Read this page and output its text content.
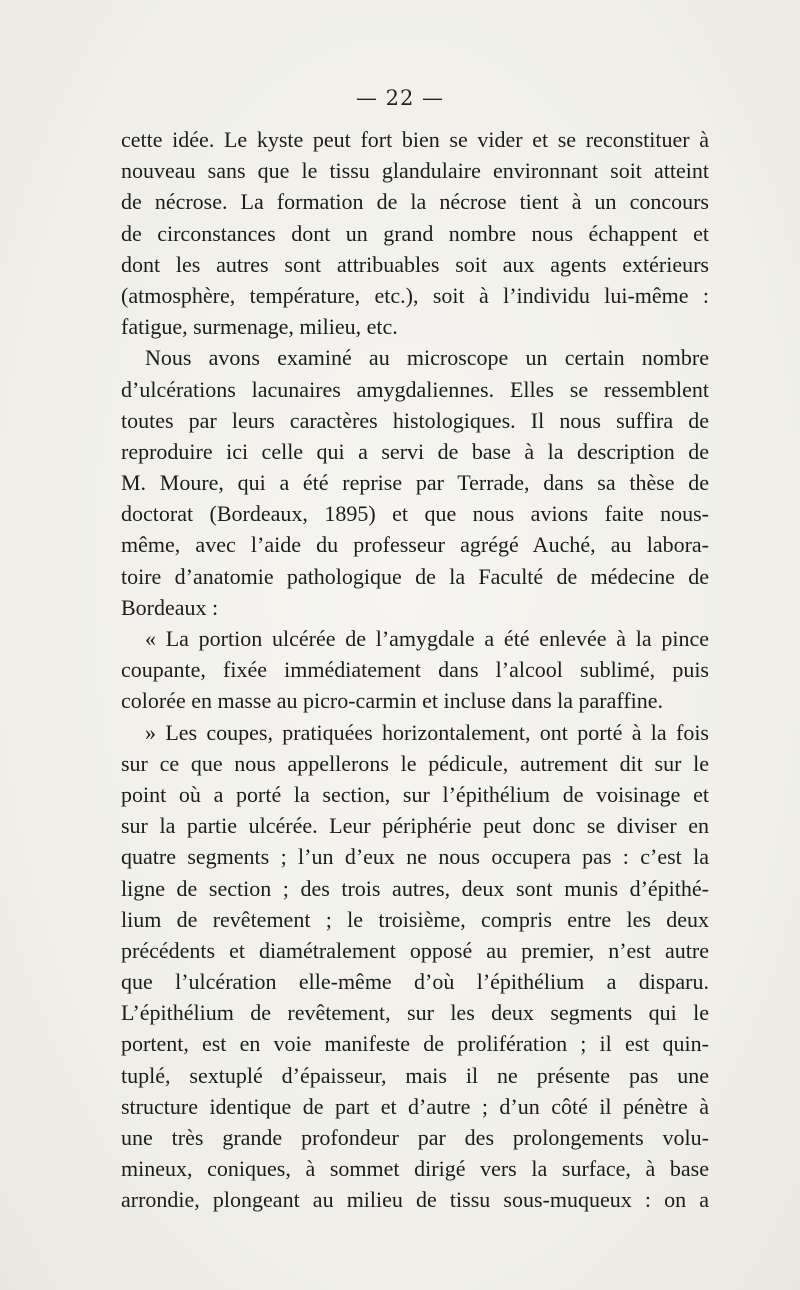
— 22 —
cette idée. Le kyste peut fort bien se vider et se reconstituer à
nouveau sans que le tissu glandulaire environnant soit atteint
de nécrose. La formation de la nécrose tient à un concours
de circonstances dont un grand nombre nous échappent et
dont les autres sont attribuables soit aux agents extérieurs
(atmosphère, température, etc.), soit à l’individu lui-même :
fatigue, surmenage, milieu, etc.
Nous avons examiné au microscope un certain nombre
d’ulcérations lacunaires amygdaliennes. Elles se ressemblent
toutes par leurs caractères histologiques. Il nous suffira de
reproduire ici celle qui a servi de base à la description de
M. Moure, qui a été reprise par Terrade, dans sa thèse de
doctorat (Bordeaux, 1895) et que nous avions faite nous-
même, avec l’aide du professeur agrégé Auché, au labora-
toire d’anatomie pathologique de la Faculté de médecine de
Bordeaux :
« La portion ulcérée de l’amygdale a été enlevée à la pince
coupante, fixée immédiatement dans l’alcool sublimé, puis
colorée en masse au picro-carmin et incluse dans la paraffine.
» Les coupes, pratiquées horizontalement, ont porté à la fois
sur ce que nous appellerons le pédicule, autrement dit sur le
point où a porté la section, sur l’épithélium de voisinage et
sur la partie ulcérée. Leur périphérie peut donc se diviser en
quatre segments ; l’un d’eux ne nous occupera pas : c’est la
ligne de section ; des trois autres, deux sont munis d’épithé-
lium de revêtement ; le troisième, compris entre les deux
précédents et diamétralement opposé au premier, n’est autre
que l’ulcération elle-même d’où l’épithélium a disparu.
L’épithélium de revêtement, sur les deux segments qui le
portent, est en voie manifeste de prolifération ; il est quin-
tuplé, sextuplé d’épaisseur, mais il ne présente pas une
structure identique de part et d’autre ; d’un côté il pénètre à
une très grande profondeur par des prolongements volu-
mineux, coniques, à sommet dirigé vers la surface, à base
arrondie, plongeant au milieu de tissu sous-muqueux : on a
